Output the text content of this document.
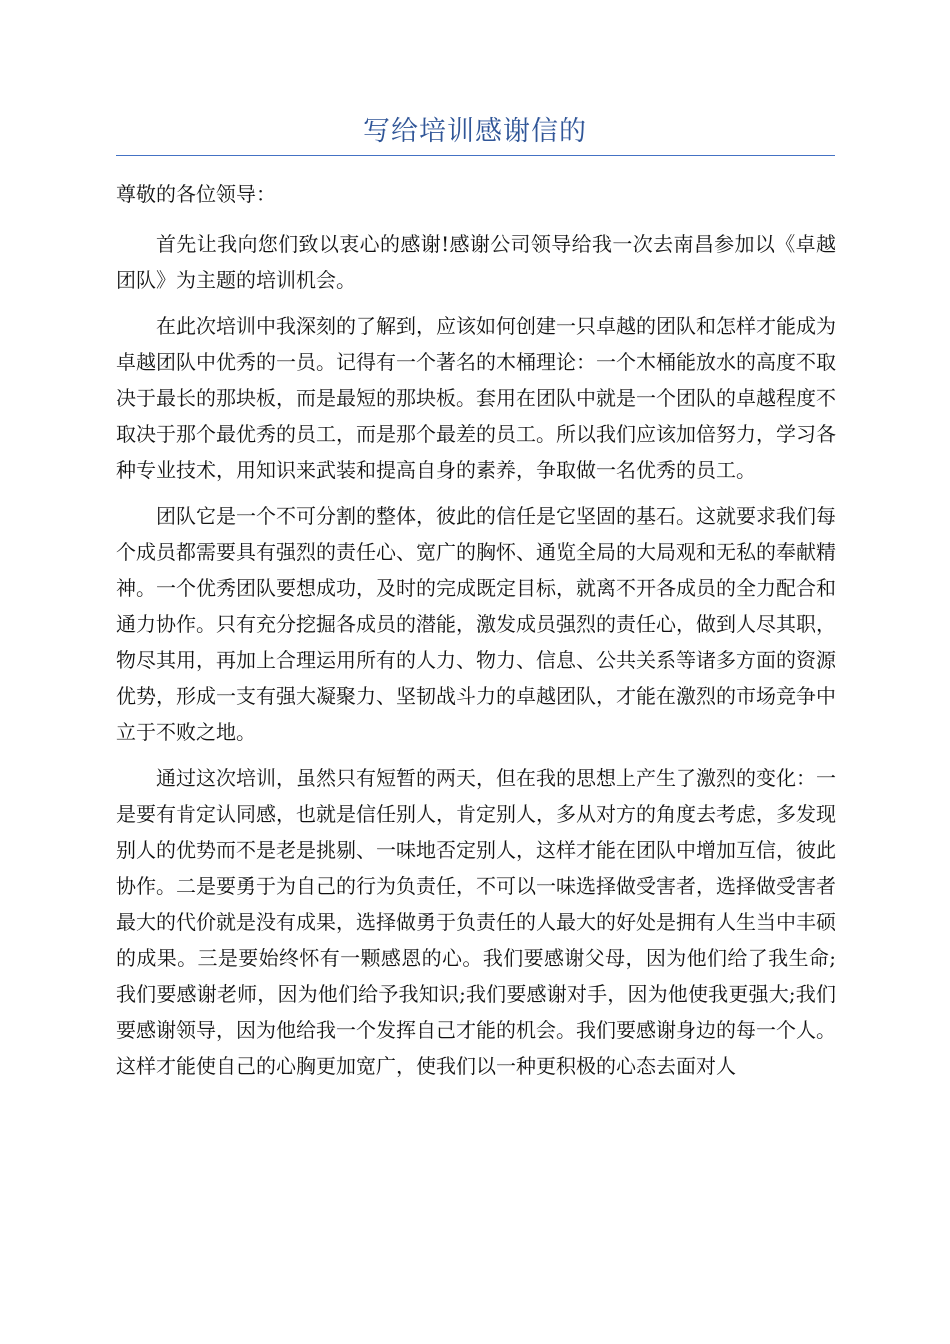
写给培训感谢信的

尊敬的各位领导：

首先让我向您们致以衷心的感谢!感谢公司领导给我一次去南昌参加以《卓越团队》为主题的培训机会。

在此次培训中我深刻的了解到，应该如何创建一只卓越的团队和怎样才能成为卓越团队中优秀的一员。记得有一个著名的木桶理论：一个木桶能放水的高度不取决于最长的那块板，而是最短的那块板。套用在团队中就是一个团队的卓越程度不取决于那个最优秀的员工，而是那个最差的员工。所以我们应该加倍努力，学习各种专业技术，用知识来武装和提高自身的素养，争取做一名优秀的员工。

团队它是一个不可分割的整体，彼此的信任是它坚固的基石。这就要求我们每个成员都需要具有强烈的责任心、宽广的胸怀、通览全局的大局观和无私的奉献精神。一个优秀团队要想成功，及时的完成既定目标，就离不开各成员的全力配合和通力协作。只有充分挖掘各成员的潜能，激发成员强烈的责任心，做到人尽其职，物尽其用，再加上合理运用所有的人力、物力、信息、公共关系等诸多方面的资源优势，形成一支有强大凝聚力、坚韧战斗力的卓越团队，才能在激烈的市场竞争中立于不败之地。

通过这次培训，虽然只有短暂的两天，但在我的思想上产生了激烈的变化：一是要有肯定认同感，也就是信任别人，肯定别人，多从对方的角度去考虑，多发现别人的优势而不是老是挑剔、一味地否定别人，这样才能在团队中增加互信，彼此协作。二是要勇于为自己的行为负责任，不可以一味选择做受害者，选择做受害者最大的代价就是没有成果，选择做勇于负责任的人最大的好处是拥有人生当中丰硕的成果。三是要始终怀有一颗感恩的心。我们要感谢父母，因为他们给了我生命;我们要感谢老师，因为他们给予我知识;我们要感谢对手，因为他使我更强大;我们要感谢领导，因为他给我一个发挥自己才能的机会。我们要感谢身边的每一个人。这样才能使自己的心胸更加宽广，使我们以一种更积极的心态去面对人
